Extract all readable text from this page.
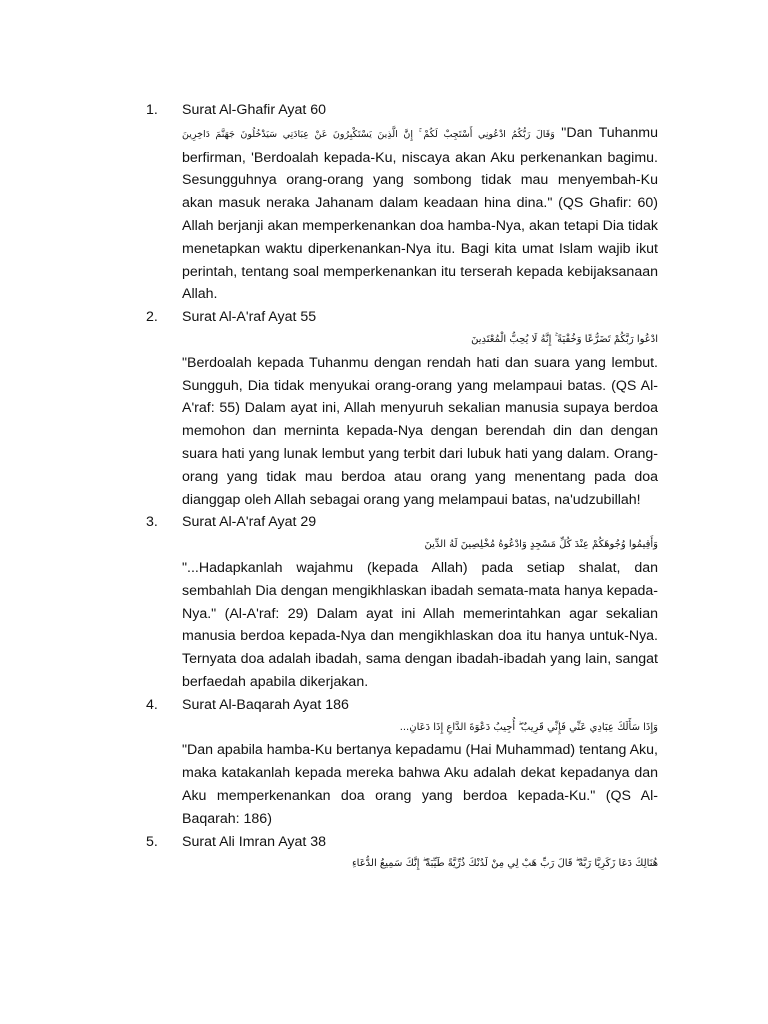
1. Surat Al-Ghafir Ayat 60
وَقَالَ رَبُّكُمُ ادْعُونِي أَسْتَجِبْ لَكُمْ ۚ إِنَّ الَّذِينَ يَسْتَكْبِرُونَ عَنْ عِبَادَتِي سَيَدْخُلُونَ جَهَنَّمَ دَاخِرِينَ "Dan Tuhanmu berfirman, 'Berdoalah kepada-Ku, niscaya akan Aku perkenankan bagimu. Sesungguhnya orang-orang yang sombong tidak mau menyembah-Ku akan masuk neraka Jahanam dalam keadaan hina dina." (QS Ghafir: 60) Allah berjanji akan memperkenankan doa hamba-Nya, akan tetapi Dia tidak menetapkan waktu diperkenankan-Nya itu. Bagi kita umat Islam wajib ikut perintah, tentang soal memperkenankan itu terserah kepada kebijaksanaan Allah.
2. Surat Al-A'raf Ayat 55
ادْعُوا رَبَّكُمْ تَضَرُّعًا وَخُفْيَةً ۚ إِنَّهُ لَا يُحِبُّ الْمُعْتَدِينَ
"Berdoalah kepada Tuhanmu dengan rendah hati dan suara yang lembut. Sungguh, Dia tidak menyukai orang-orang yang melampaui batas. (QS Al-A'raf: 55) Dalam ayat ini, Allah menyuruh sekalian manusia supaya berdoa memohon dan merninta kepada-Nya dengan berendah din dan dengan suara hati yang lunak lembut yang terbit dari lubuk hati yang dalam. Orang-orang yang tidak mau berdoa atau orang yang menentang pada doa dianggap oleh Allah sebagai orang yang melampaui batas, na'udzubillah!
3. Surat Al-A'raf Ayat 29
وَأَقِيمُوا وُجُوهَكُمْ عِنْدَ كُلِّ مَسْجِدٍ وَادْعُوهُ مُخْلِصِينَ لَهُ الدِّينَ
"...Hadapkanlah wajahmu (kepada Allah) pada setiap shalat, dan sembahlah Dia dengan mengikhlaskan ibadah semata-mata hanya kepada-Nya." (Al-A'raf: 29) Dalam ayat ini Allah memerintahkan agar sekalian manusia berdoa kepada-Nya dan mengikhlaskan doa itu hanya untuk-Nya. Ternyata doa adalah ibadah, sama dengan ibadah-ibadah yang lain, sangat berfaedah apabila dikerjakan.
4. Surat Al-Baqarah Ayat 186
وَإِذَا سَأَلَكَ عِبَادِي عَنِّي فَإِنِّي قَرِيبٌ ۖ أُجِيبُ دَعْوَةَ الدَّاعِ إِذَا دَعَانِ...
"Dan apabila hamba-Ku bertanya kepadamu (Hai Muhammad) tentang Aku, maka katakanlah kepada mereka bahwa Aku adalah dekat kepadanya dan Aku memperkenankan doa orang yang berdoa kepada-Ku." (QS Al-Baqarah: 186)
5. Surat Ali Imran Ayat 38
هُنَالِكَ دَعَا زَكَرِيَّا رَبَّهُ ۖ قَالَ رَبِّ هَبْ لِي مِنْ لَدُنْكَ ذُرِّيَّةً طَيِّبَةً ۖ إِنَّكَ سَمِيعُ الدُّعَاءِ
